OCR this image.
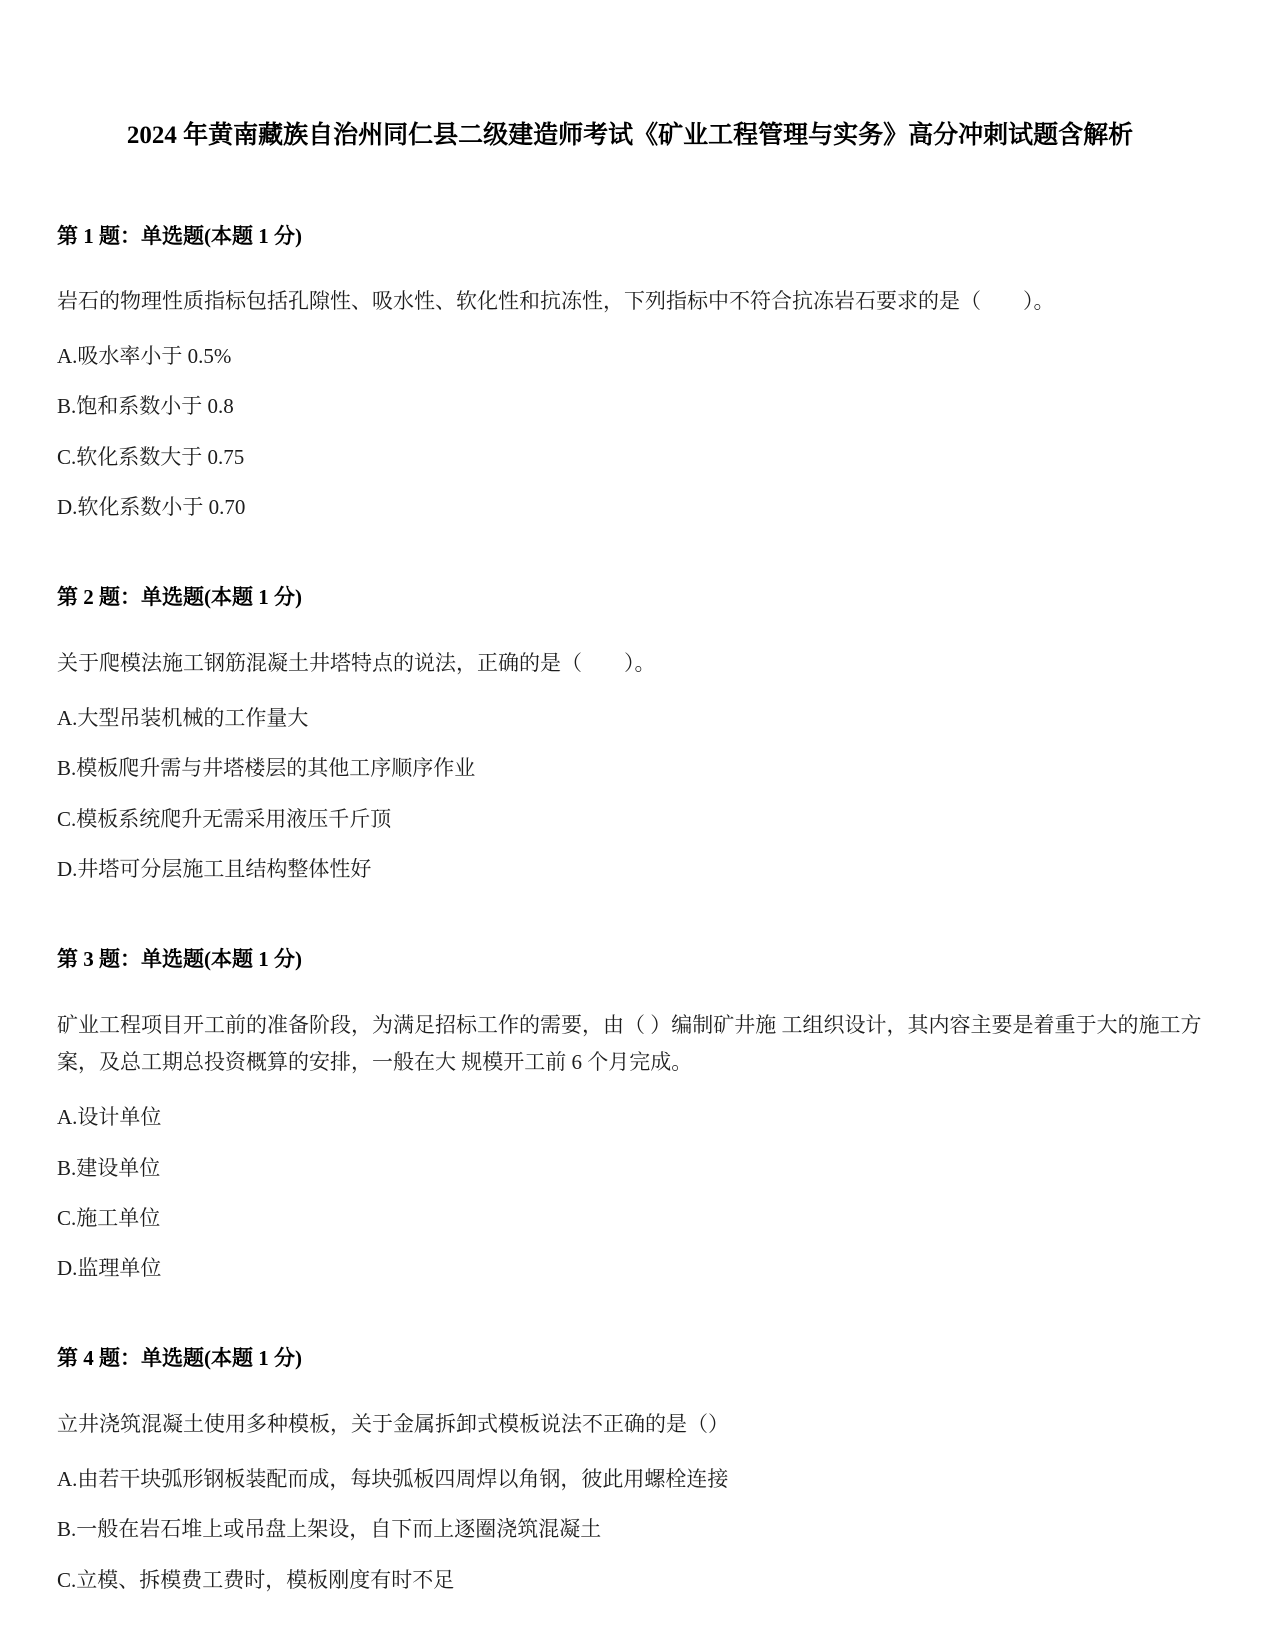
2024 年黄南藏族自治州同仁县二级建造师考试《矿业工程管理与实务》高分冲刺试题含解析
第 1 题：单选题(本题 1 分)

岩石的物理性质指标包括孔隙性、吸水性、软化性和抗冻性，下列指标中不符合抗冻岩石要求的是（　　）。

A.吸水率小于 0.5%

B.饱和系数小于 0.8

C.软化系数大于 0.75

D.软化系数小于 0.70

第 2 题：单选题(本题 1 分)

关于爬模法施工钢筋混凝土井塔特点的说法，正确的是（　　）。

A.大型吊装机械的工作量大

B.模板爬升需与井塔楼层的其他工序顺序作业

C.模板系统爬升无需采用液压千斤顶

D.井塔可分层施工且结构整体性好

第 3 题：单选题(本题 1 分)

矿业工程项目开工前的准备阶段，为满足招标工作的需要，由（ ）编制矿井施 工组织设计，其内容主要是着重于大的施工方案，及总工期总投资概算的安排，一般在大 规模开工前 6 个月完成。

A.设计单位

B.建设单位

C.施工单位

D.监理单位

第 4 题：单选题(本题 1 分)

立井浇筑混凝土使用多种模板，关于金属拆卸式模板说法不正确的是（）

A.由若干块弧形钢板装配而成，每块弧板四周焊以角钢，彼此用螺栓连接

B.一般在岩石堆上或吊盘上架设，自下而上逐圈浇筑混凝土

C.立模、拆模费工费时，模板刚度有时不足
